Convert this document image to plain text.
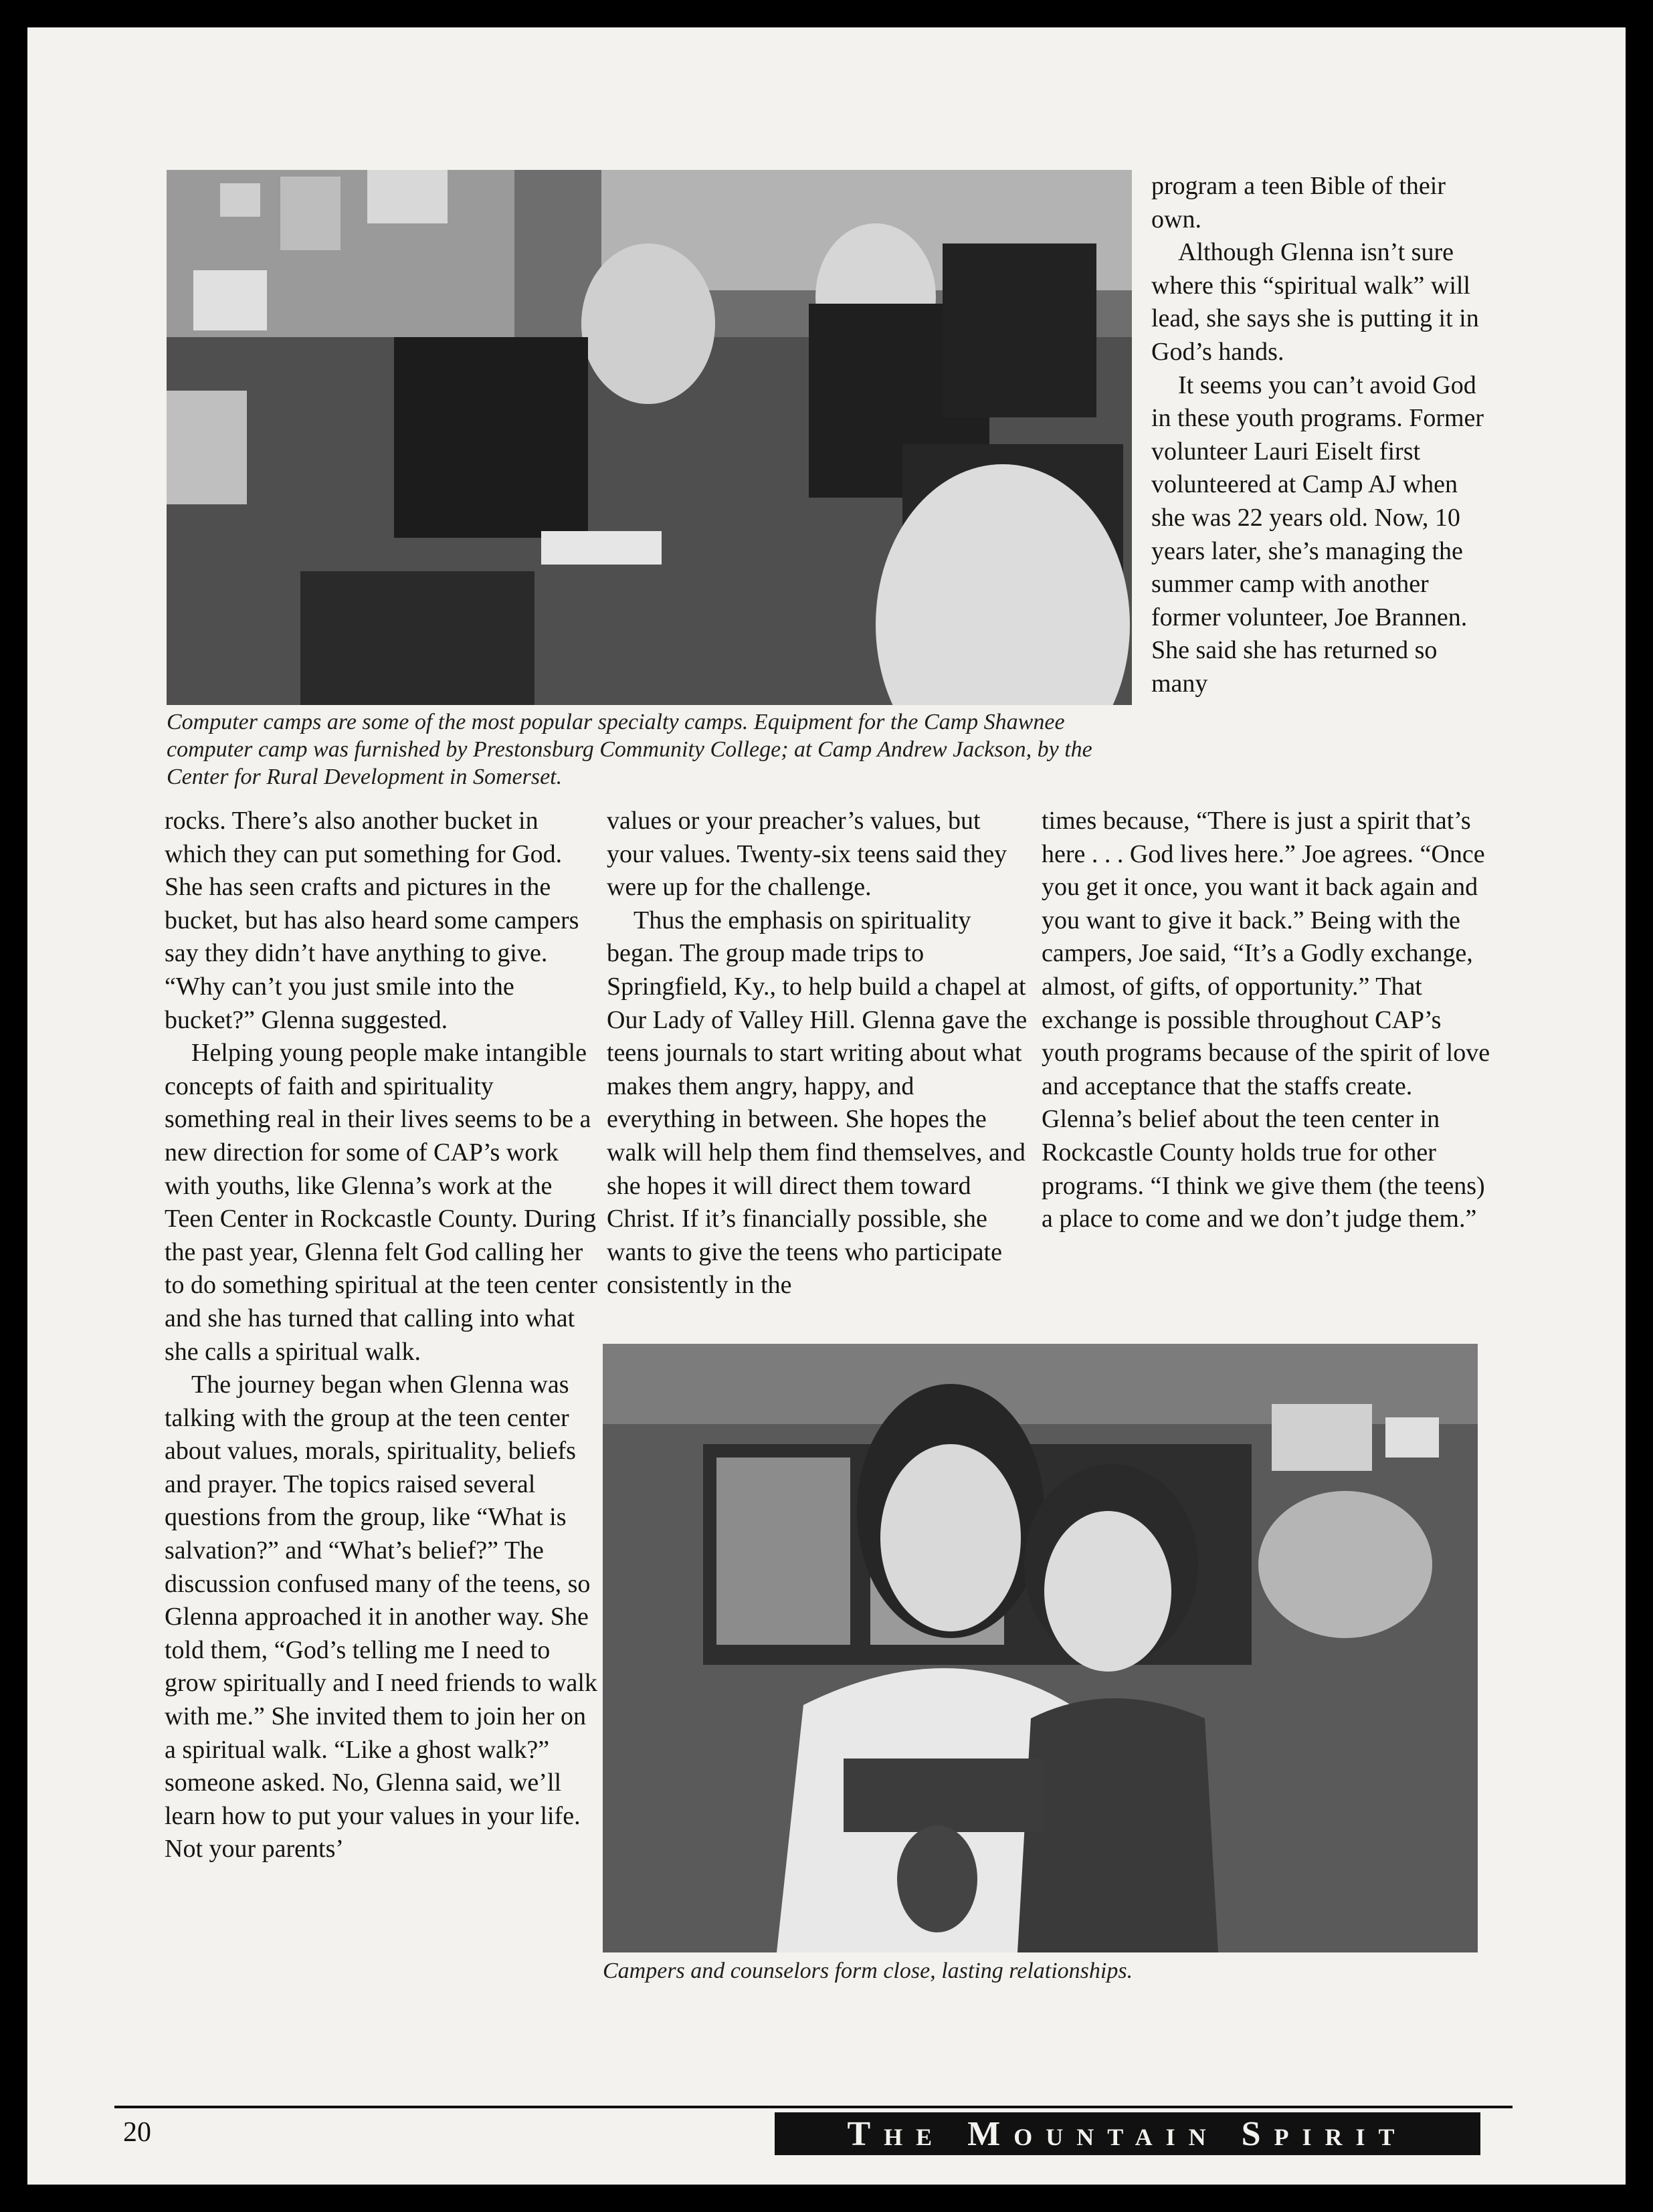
Computer camps are some of the most popular specialty camps. Equipment for the Camp Shawnee computer camp was furnished by Prestonsburg Community College; at Camp Andrew Jackson, by the Center for Rural Development in Somerset.

program a teen Bible of their own.

Although Glenna isn’t sure where this “spiritual walk” will lead, she says she is putting it in God’s hands.

It seems you can’t avoid God in these youth programs. Former volunteer Lauri Eiselt first volunteered at Camp AJ when she was 22 years old. Now, 10 years later, she’s managing the summer camp with another former volunteer, Joe Brannen. She said she has returned so many

times because, “There is just a spirit that’s here . . . God lives here.” Joe agrees. “Once you get it once, you want it back again and you want to give it back.” Being with the campers, Joe said, “It’s a Godly exchange, almost, of gifts, of opportunity.” That exchange is possible throughout CAP’s youth programs because of the spirit of love and acceptance that the staffs create. Glenna’s belief about the teen center in Rockcastle County holds true for other programs. “I think we give them (the teens) a place to come and we don’t judge them.”

rocks. There’s also another bucket in which they can put something for God. She has seen crafts and pictures in the bucket, but has also heard some campers say they didn’t have anything to give. “Why can’t you just smile into the bucket?” Glenna suggested.

Helping young people make intangible concepts of faith and spirituality something real in their lives seems to be a new direction for some of CAP’s work with youths, like Glenna’s work at the Teen Center in Rockcastle County. During the past year, Glenna felt God calling her to do something spiritual at the teen center and she has turned that calling into what she calls a spiritual walk.

The journey began when Glenna was talking with the group at the teen center about values, morals, spirituality, beliefs and prayer. The topics raised several questions from the group, like “What is salvation?” and “What’s belief?” The discussion confused many of the teens, so Glenna approached it in another way. She told them, “God’s telling me I need to grow spiritually and I need friends to walk with me.” She invited them to join her on a spiritual walk. “Like a ghost walk?” someone asked. No, Glenna said, we’ll learn how to put your values in your life. Not your parents’

values or your preacher’s values, but your values. Twenty-six teens said they were up for the challenge.

Thus the emphasis on spirituality began. The group made trips to Springfield, Ky., to help build a chapel at Our Lady of Valley Hill. Glenna gave the teens journals to start writing about what makes them angry, happy, and everything in between. She hopes the walk will help them find themselves, and she hopes it will direct them toward Christ. If it’s financially possible, she wants to give the teens who participate consistently in the

Campers and counselors form close, lasting relationships.

20	The Mountain Spirit
